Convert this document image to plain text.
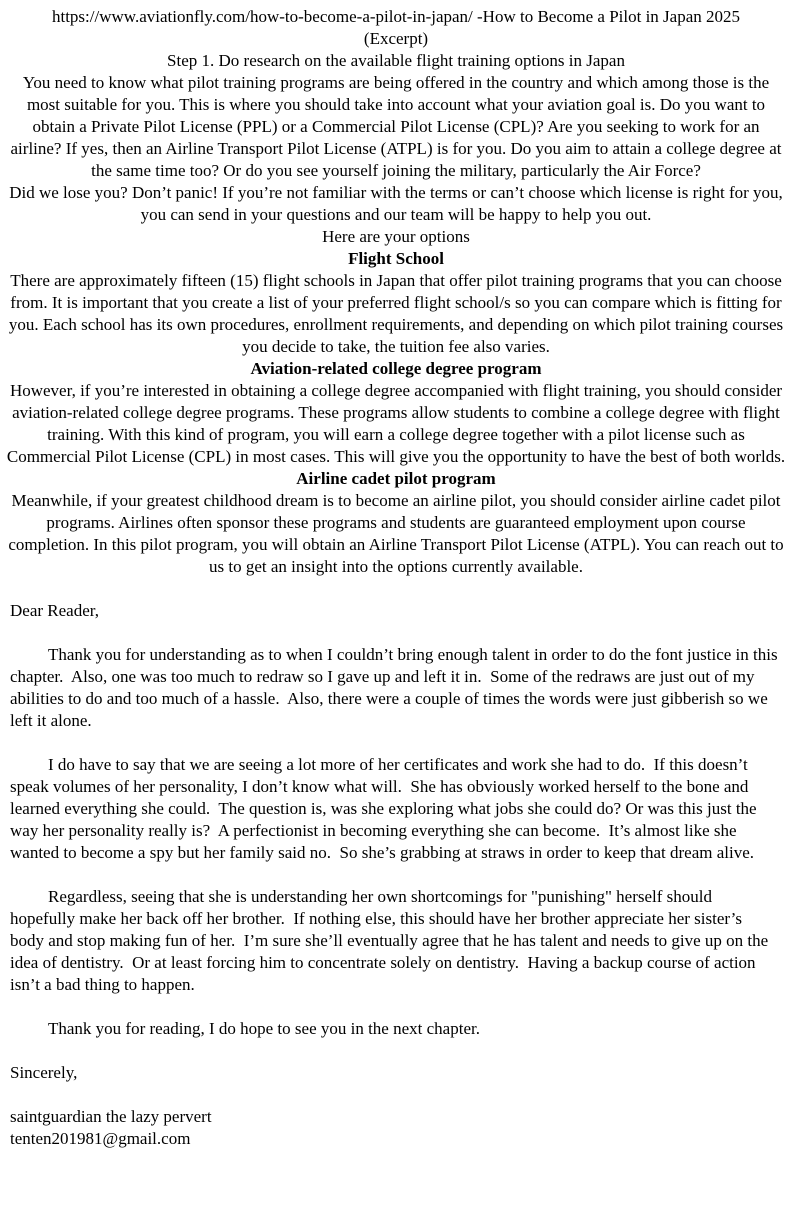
https://www.aviationfly.com/how-to-become-a-pilot-in-japan/ -How to Become a Pilot in Japan 2025

(Excerpt)

Step 1. Do research on the available flight training options in Japan

You need to know what pilot training programs are being offered in the country and which among those is the most suitable for you. This is where you should take into account what your aviation goal is. Do you want to obtain a Private Pilot License (PPL) or a Commercial Pilot License (CPL)? Are you seeking to work for an airline? If yes, then an Airline Transport Pilot License (ATPL) is for you. Do you aim to attain a college degree at the same time too? Or do you see yourself joining the military, particularly the Air Force?

Did we lose you? Don’t panic! If you’re not familiar with the terms or can’t choose which license is right for you, you can send in your questions and our team will be happy to help you out.

Here are your options

Flight School

There are approximately fifteen (15) flight schools in Japan that offer pilot training programs that you can choose from. It is important that you create a list of your preferred flight school/s so you can compare which is fitting for you. Each school has its own procedures, enrollment requirements, and depending on which pilot training courses you decide to take, the tuition fee also varies.

Aviation-related college degree program

However, if you’re interested in obtaining a college degree accompanied with flight training, you should consider aviation-related college degree programs. These programs allow students to combine a college degree with flight training. With this kind of program, you will earn a college degree together with a pilot license such as Commercial Pilot License (CPL) in most cases. This will give you the opportunity to have the best of both worlds.

Airline cadet pilot program

Meanwhile, if your greatest childhood dream is to become an airline pilot, you should consider airline cadet pilot programs. Airlines often sponsor these programs and students are guaranteed employment upon course completion. In this pilot program, you will obtain an Airline Transport Pilot License (ATPL). You can reach out to us to get an insight into the options currently available.

Dear Reader,

Thank you for understanding as to when I couldn’t bring enough talent in order to do the font justice in this chapter.  Also, one was too much to redraw so I gave up and left it in.  Some of the redraws are just out of my abilities to do and too much of a hassle.  Also, there were a couple of times the words were just gibberish so we left it alone.

I do have to say that we are seeing a lot more of her certificates and work she had to do.  If this doesn’t speak volumes of her personality, I don’t know what will.  She has obviously worked herself to the bone and learned everything she could.  The question is, was she exploring what jobs she could do? Or was this just the way her personality really is?  A perfectionist in becoming everything she can become.  It’s almost like she wanted to become a spy but her family said no.  So she’s grabbing at straws in order to keep that dream alive.

Regardless, seeing that she is understanding her own shortcomings for "punishing" herself should hopefully make her back off her brother.  If nothing else, this should have her brother appreciate her sister’s body and stop making fun of her.  I’m sure she’ll eventually agree that he has talent and needs to give up on the idea of dentistry.  Or at least forcing him to concentrate solely on dentistry.  Having a backup course of action isn’t a bad thing to happen.

Thank you for reading, I do hope to see you in the next chapter.

Sincerely,

saintguardian the lazy pervert

tenten201981@gmail.com
